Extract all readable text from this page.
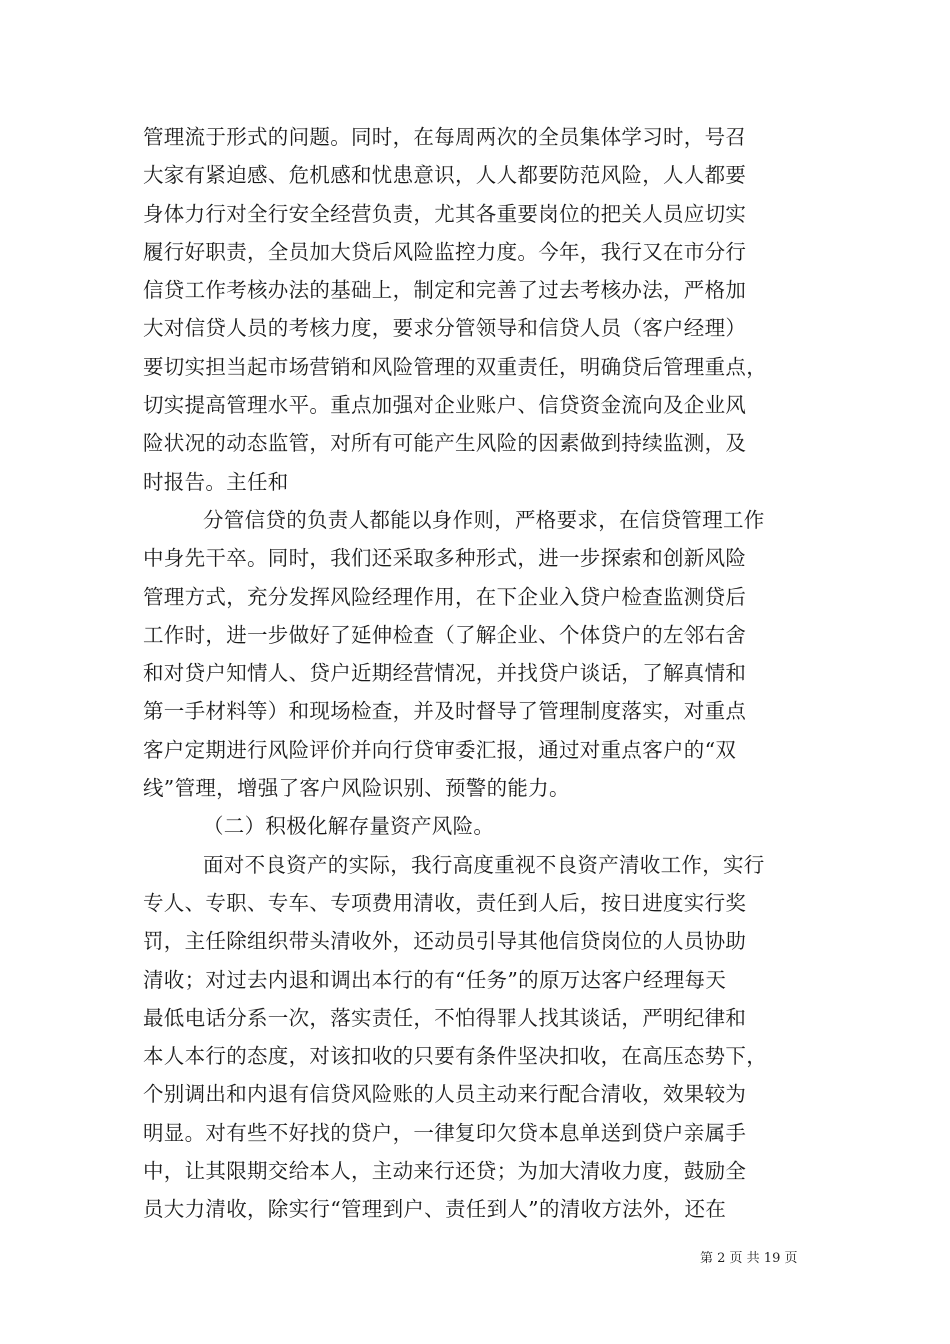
管理流于形式的问题。同时，在每周两次的全员集体学习时，号召
大家有紧迫感、危机感和忧患意识，人人都要防范风险，人人都要
身体力行对全行安全经营负责，尤其各重要岗位的把关人员应切实
履行好职责，全员加大贷后风险监控力度。今年，我行又在市分行
信贷工作考核办法的基础上，制定和完善了过去考核办法，严格加
大对信贷人员的考核力度，要求分管领导和信贷人员（客户经理）
要切实担当起市场营销和风险管理的双重责任，明确贷后管理重点，
切实提高管理水平。重点加强对企业账户、信贷资金流向及企业风
险状况的动态监管，对所有可能产生风险的因素做到持续监测，及
时报告。主任和
分管信贷的负责人都能以身作则，严格要求，在信贷管理工作
中身先干卒。同时，我们还采取多种形式，进一步探索和创新风险
管理方式，充分发挥风险经理作用，在下企业入贷户检查监测贷后
工作时，进一步做好了延伸检查（了解企业、个体贷户的左邻右舍
和对贷户知情人、贷户近期经营情况，并找贷户谈话，了解真情和
第一手材料等）和现场检查，并及时督导了管理制度落实，对重点
客户定期进行风险评价并向行贷审委汇报，通过对重点客户的“双
线”管理，增强了客户风险识别、预警的能力。
（二）积极化解存量资产风险。
面对不良资产的实际，我行高度重视不良资产清收工作，实行
专人、专职、专车、专项费用清收，责任到人后，按日进度实行奖
罚，主任除组织带头清收外，还动员引导其他信贷岗位的人员协助
清收；对过去内退和调出本行的有“任务”的原万达客户经理每天
最低电话分系一次，落实责任，不怕得罪人找其谈话，严明纪律和
本人本行的态度，对该扣收的只要有条件坚决扣收，在高压态势下，
个别调出和内退有信贷风险账的人员主动来行配合清收，效果较为
明显。对有些不好找的贷户，一律复印欠贷本息单送到贷户亲属手
中，让其限期交给本人，主动来行还贷；为加大清收力度，鼓励全
员大力清收，除实行“管理到户、责任到人”的清收方法外，还在
第 2 页 共 19 页
